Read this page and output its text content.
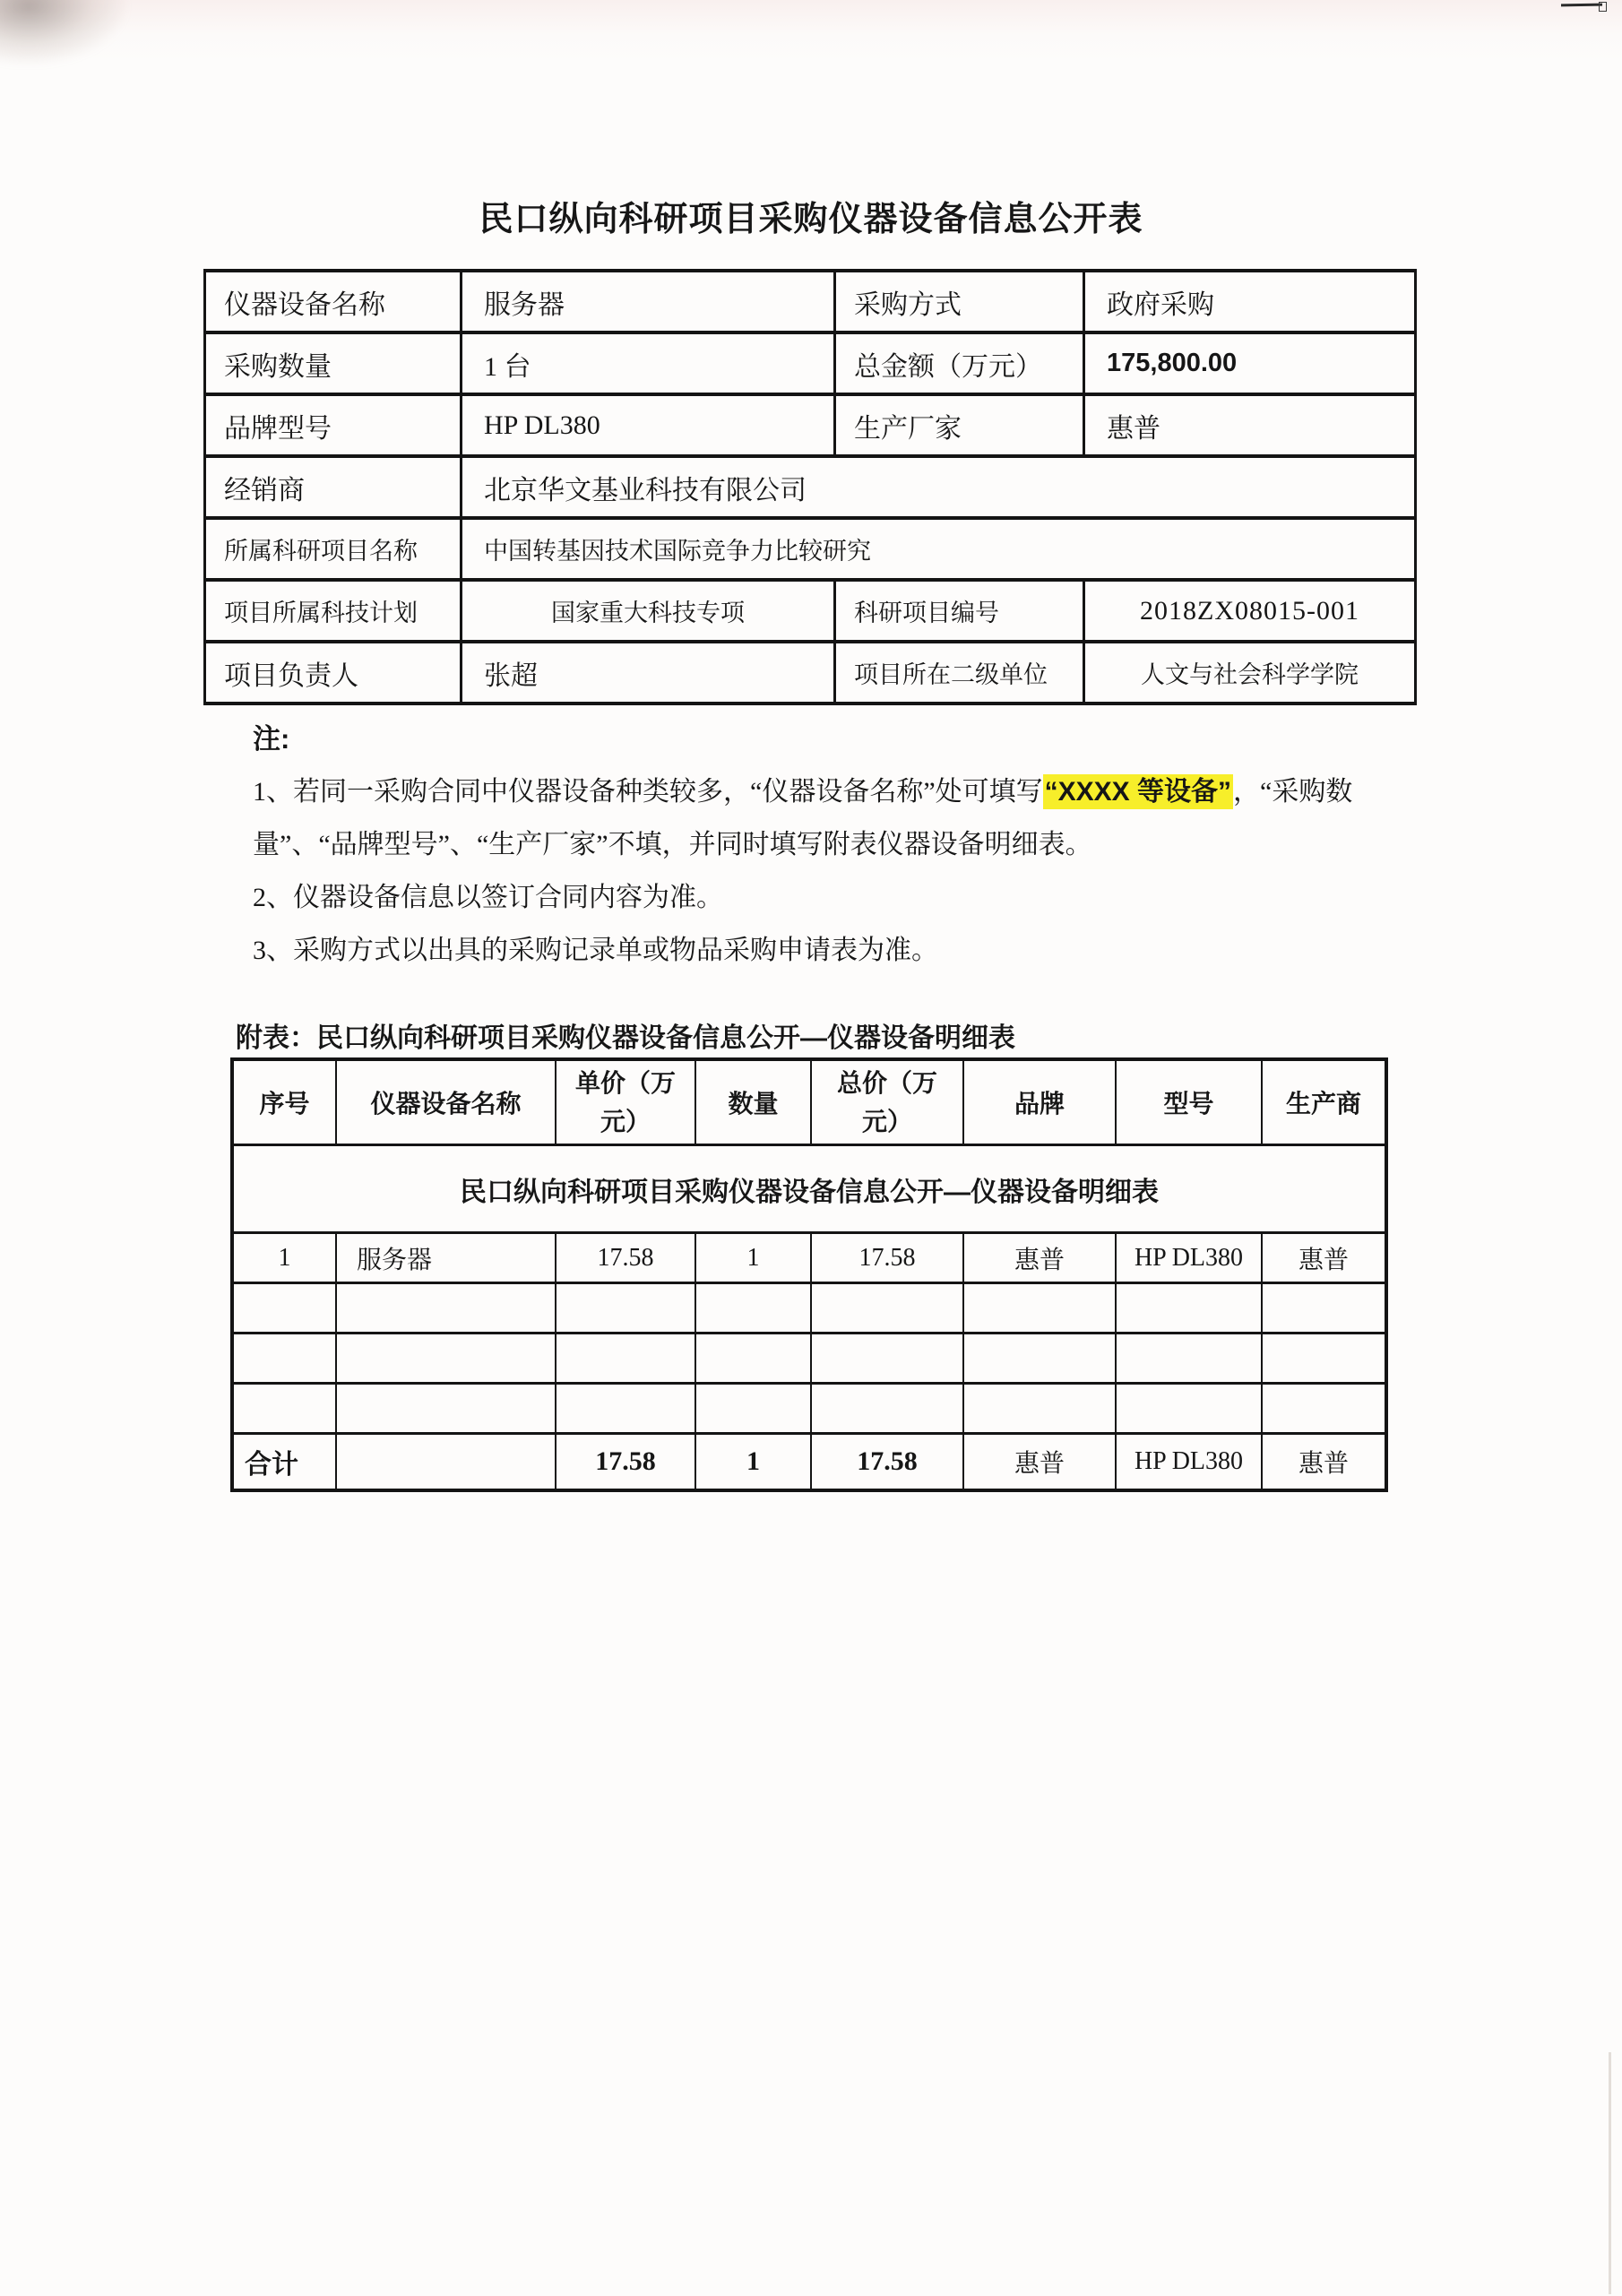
民口纵向科研项目采购仪器设备信息公开表
仪器设备名称	服务器	采购方式	政府采购
采购数量	1 台	总金额（万元）	175,800.00
品牌型号	HP DL380	生产厂家	惠普
经销商	北京华文基业科技有限公司		
所属科研项目名称	中国转基因技术国际竞争力比较研究		
项目所属科技计划	国家重大科技专项	科研项目编号	2018ZX08015-001
项目负责人	张超	项目所在二级单位	人文与社会科学学院
注:

1、若同一采购合同中仪器设备种类较多，“仪器设备名称”处可填写“XXXX 等设备”，“采购数量”、“品牌型号”、“生产厂家”不填，并同时填写附表仪器设备明细表。

2、仪器设备信息以签订合同内容为准。

3、采购方式以出具的采购记录单或物品采购申请表为准。

附表：民口纵向科研项目采购仪器设备信息公开—仪器设备明细表
民口纵向科研项目采购仪器设备信息公开—仪器设备明细表							
序号	仪器设备名称	单价（万元）	数量	总价（万元）	品牌	型号	生产商
1	服务器	17.58	1	17.58	惠普	HP DL380	惠普

合计		17.58	1	17.58	惠普	HP DL380	惠普
